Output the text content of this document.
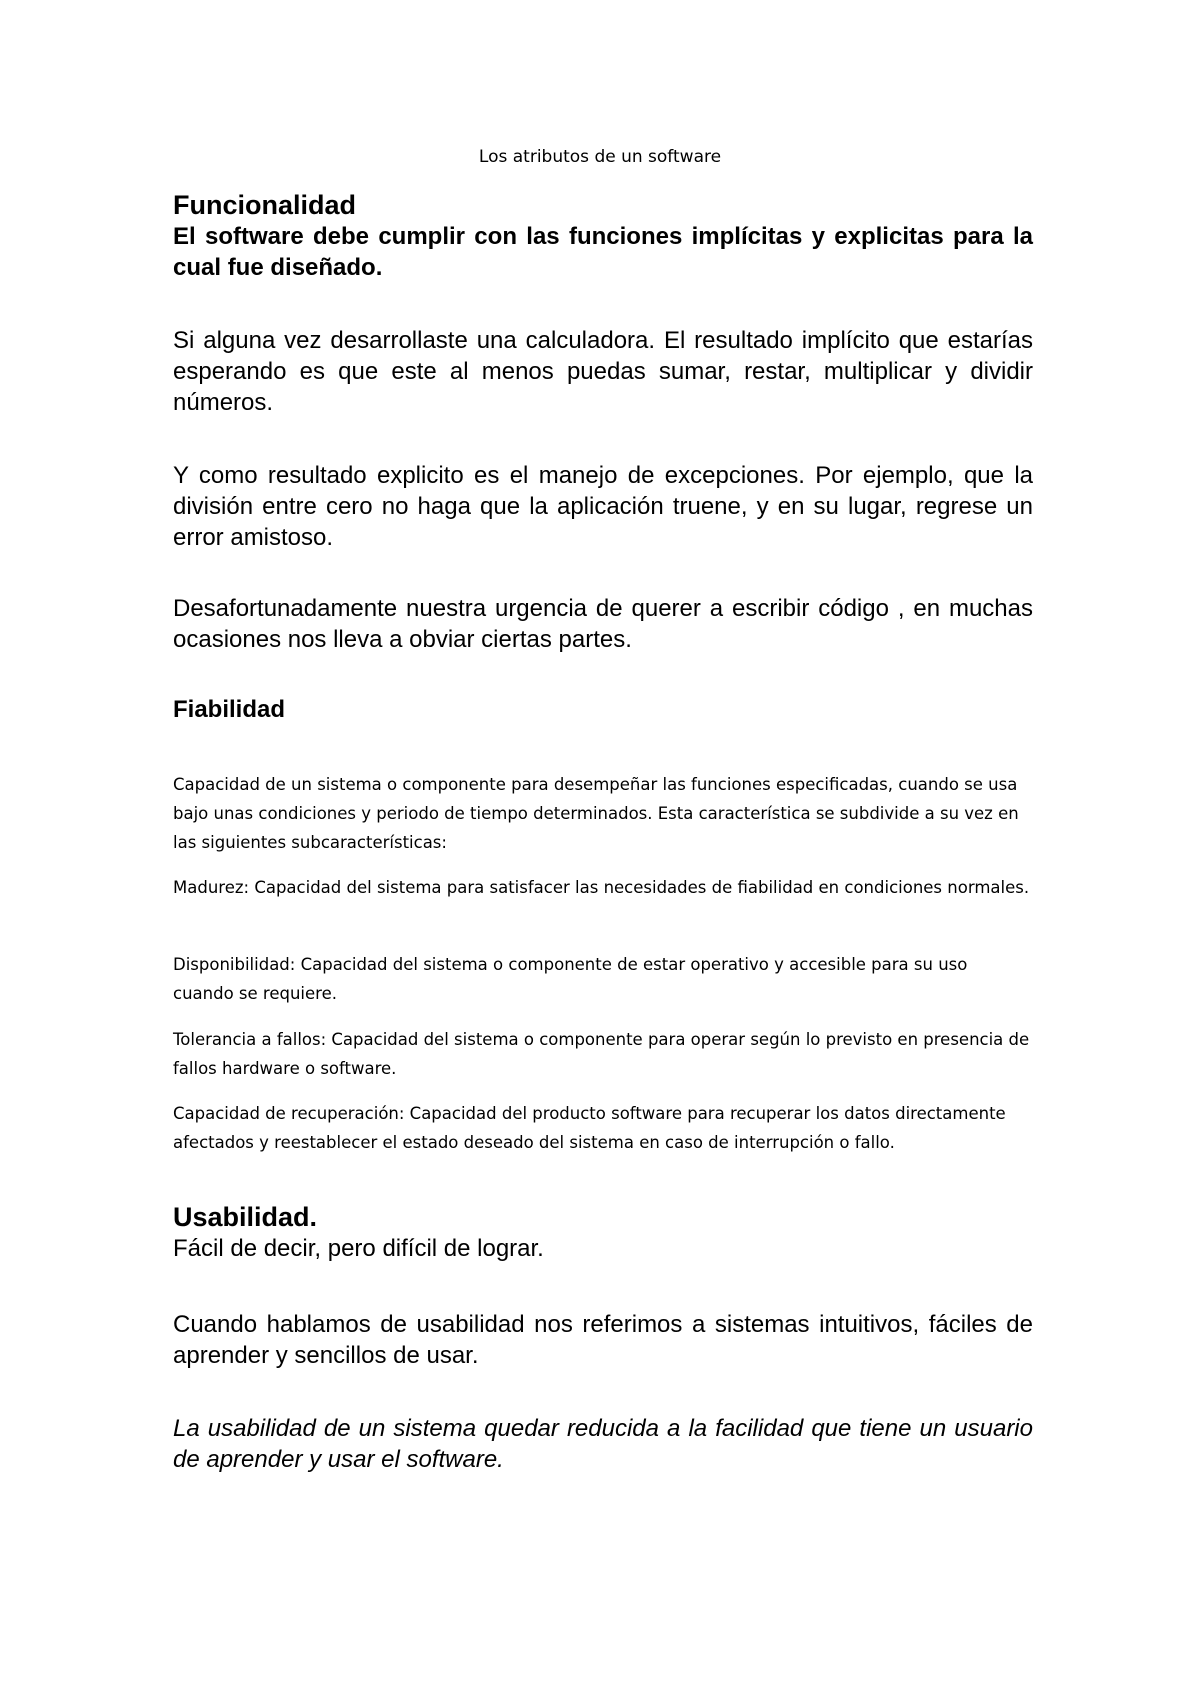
Los atributos de un software

Funcionalidad

El software debe cumplir con las funciones implícitas y explicitas para la cual fue diseñado.

Si alguna vez desarrollaste una calculadora. El resultado implícito que estarías esperando es que este al menos puedas sumar, restar, multiplicar y dividir números.

Y como resultado explicito es el manejo de excepciones. Por ejemplo, que la división entre cero no haga que la aplicación truene, y en su lugar, regrese un error amistoso.

Desafortunadamente nuestra urgencia de querer a escribir código , en muchas ocasiones nos lleva a obviar ciertas partes.

Fiabilidad

Capacidad de un sistema o componente para desempeñar las funciones especificadas, cuando se usa bajo unas condiciones y periodo de tiempo determinados. Esta característica se subdivide a su vez en las siguientes subcaracterísticas:

Madurez: Capacidad del sistema para satisfacer las necesidades de fiabilidad en condiciones normales.

Disponibilidad: Capacidad del sistema o componente de estar operativo y accesible para su uso cuando se requiere.

Tolerancia a fallos: Capacidad del sistema o componente para operar según lo previsto en presencia de fallos hardware o software.

Capacidad de recuperación: Capacidad del producto software para recuperar los datos directamente afectados y reestablecer el estado deseado del sistema en caso de interrupción o fallo.

Usabilidad.

Fácil de decir, pero difícil de lograr.

Cuando hablamos de usabilidad nos referimos a sistemas intuitivos, fáciles de aprender y sencillos de usar.

La usabilidad de un sistema quedar reducida a la facilidad que tiene un usuario de aprender y usar el software.
